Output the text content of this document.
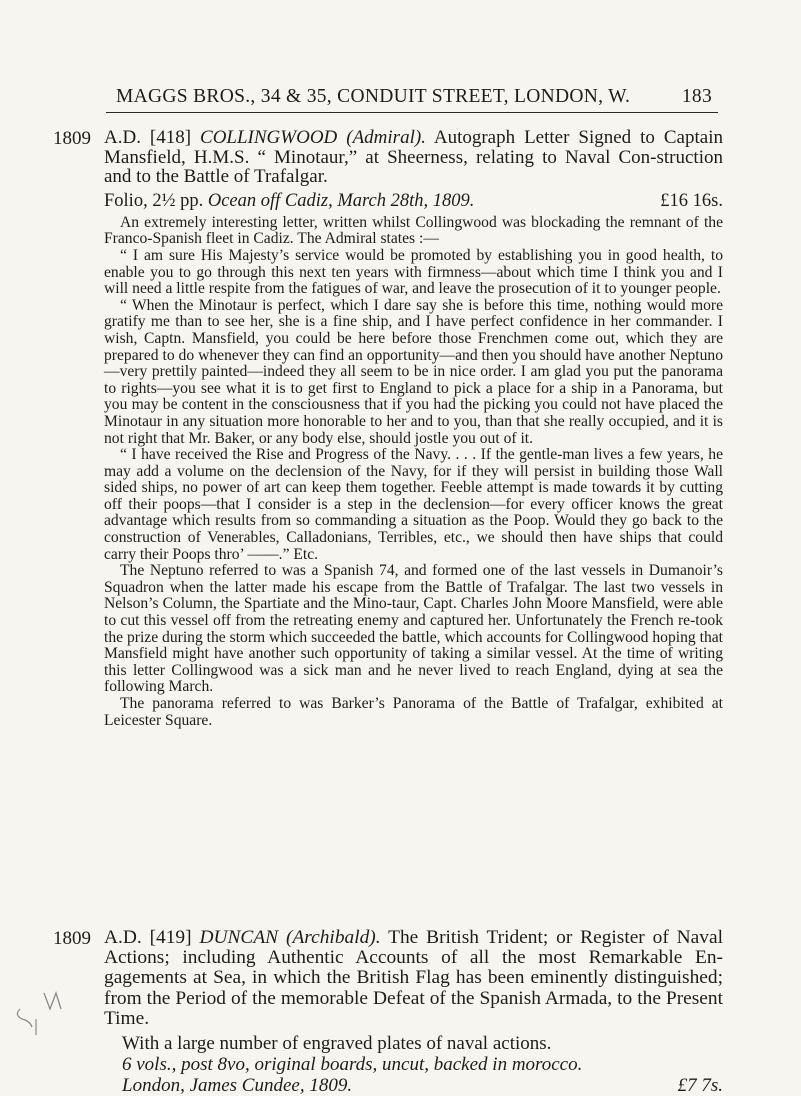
MAGGS BROS., 34 & 35, CONDUIT STREET, LONDON, W.	183
1809 A.D. [418] COLLINGWOOD (Admiral). Autograph Letter Signed to Captain Mansfield, H.M.S. “ Minotaur,” at Sheerness, relating to Naval Con-struction and to the Battle of Trafalgar.
Folio, 2½ pp. Ocean off Cadiz, March 28th, 1809.	£16 16s.

An extremely interesting letter, written whilst Collingwood was blockading the remnant of the Franco-Spanish fleet in Cadiz. The Admiral states :—

“ I am sure His Majesty’s service would be promoted by establishing you in good health, to enable you to go through this next ten years with firmness—about which time I think you and I will need a little respite from the fatigues of war, and leave the prosecution of it to younger people.

“ When the Minotaur is perfect, which I dare say she is before this time, nothing would more gratify me than to see her, she is a fine ship, and I have perfect confidence in her commander. I wish, Captn. Mansfield, you could be here before those Frenchmen come out, which they are prepared to do whenever they can find an opportunity—and then you should have another Neptuno—very prettily painted—indeed they all seem to be in nice order. I am glad you put the panorama to rights—you see what it is to get first to England to pick a place for a ship in a Panorama, but you may be content in the consciousness that if you had the picking you could not have placed the Minotaur in any situation more honorable to her and to you, than that she really occupied, and it is not right that Mr. Baker, or any body else, should jostle you out of it.

“ I have received the Rise and Progress of the Navy. . . . If the gentle-man lives a few years, he may add a volume on the declension of the Navy, for if they will persist in building those Wall sided ships, no power of art can keep them together. Feeble attempt is made towards it by cutting off their poops—that I consider is a step in the declension—for every officer knows the great advantage which results from so commanding a situation as the Poop. Would they go back to the construction of Venerables, Calladonians, Terribles, etc., we should then have ships that could carry their Poops thro’ ——.” Etc.

The Neptuno referred to was a Spanish 74, and formed one of the last vessels in Dumanoir’s Squadron when the latter made his escape from the Battle of Trafalgar. The last two vessels in Nelson’s Column, the Spartiate and the Mino-taur, Capt. Charles John Moore Mansfield, were able to cut this vessel off from the retreating enemy and captured her. Unfortunately the French re-took the prize during the storm which succeeded the battle, which accounts for Collingwood hoping that Mansfield might have another such opportunity of taking a similar vessel. At the time of writing this letter Collingwood was a sick man and he never lived to reach England, dying at sea the following March.

The panorama referred to was Barker’s Panorama of the Battle of Trafalgar, exhibited at Leicester Square.

1809 A.D. [419] DUNCAN (Archibald). The British Trident; or Register of Naval Actions; including Authentic Accounts of all the most Remarkable En-gagements at Sea, in which the British Flag has been eminently distinguished; from the Period of the memorable Defeat of the Spanish Armada, to the Present Time.
With a large number of engraved plates of naval actions.
6 vols., post 8vo, original boards, uncut, backed in morocco.
London, James Cundee, 1809.	£7 7s.
